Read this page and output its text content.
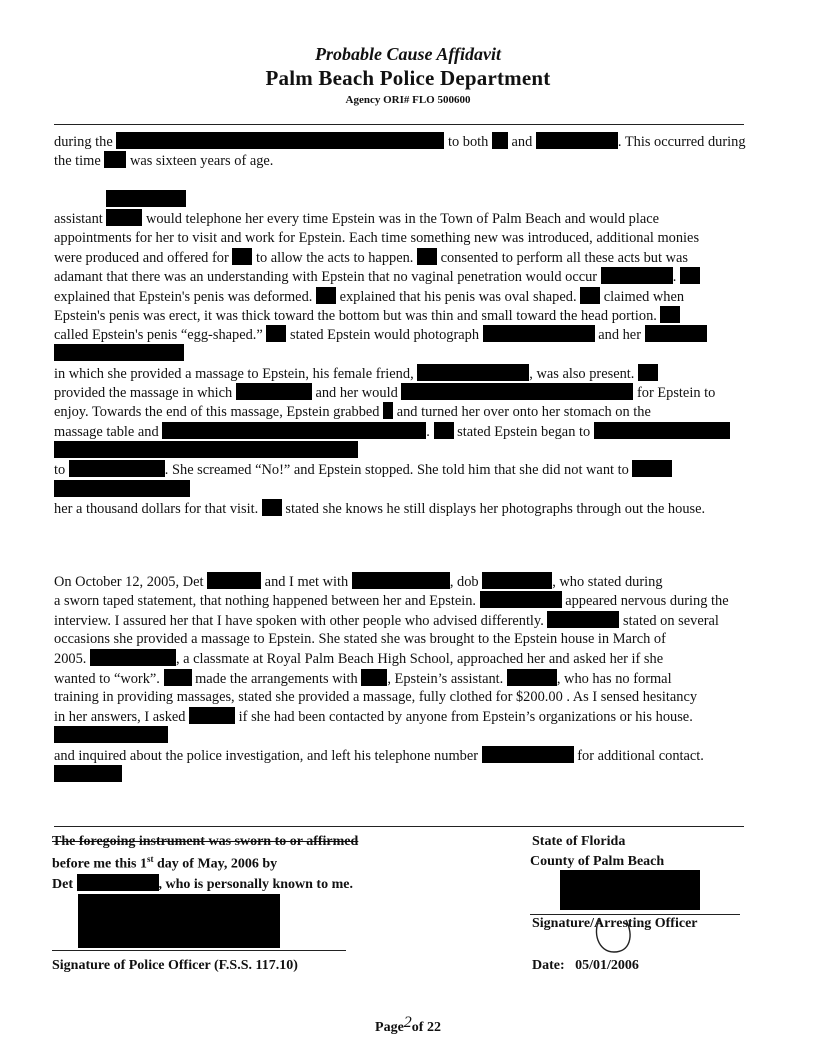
Probable Cause Affidavit
Palm Beach Police Department
Agency ORI# FLO 500600
during the	to both  and	. This occurred during
the time  was sixteen years of age.
assistant	would telephone her every time Epstein was in the Town of Palm Beach and would place
appointments for her to visit and work for Epstein. Each time something new was introduced, additional monies
were produced and offered for  to allow the acts to happen.  consented to perform all these acts but was
adamant that there was an understanding with Epstein that no vaginal penetration would occur	.
explained that Epstein's penis was deformed.  explained that his penis was oval shaped.  claimed when
Epstein's penis was erect, it was thick toward the bottom but was thin and small toward the head portion.
called Epstein's penis “egg-shaped.”  stated Epstein would photograph	and her
in which she provided a massage to Epstein, his female friend,	, was also present.
provided the massage in which	and her would	for Epstein to
enjoy. Towards the end of this massage, Epstein grabbed  and turned her over onto her stomach on the
massage table and	.  stated Epstein began to
to	. She screamed “No!” and Epstein stopped. She told him that she did not want to
her a thousand dollars for that visit.  stated she knows he still displays her photographs through out the house.
On October 12, 2005, Det	and I met with	, dob	, who stated during
a sworn taped statement, that nothing happened between her and Epstein.	appeared nervous during the
interview. I assured her that I have spoken with other people who advised differently.	stated on several
occasions she provided a massage to Epstein. She stated she was brought to the Epstein house in March of
2005.	, a classmate at Royal Palm Beach High School, approached her and asked her if she
wanted to “work”.  made the arrangements with , Epstein’s assistant.	, who has no formal
training in providing massages, stated she provided a massage, fully clothed for $200.00 . As I sensed hesitancy
in her answers, I asked	if she had been contacted by anyone from Epstein’s organizations or his house.
and inquired about the police investigation, and left his telephone number	for additional contact.
The foregoing instrument was sworn to or affirmed
before me this 1st day of May, 2006 by
Det	, who is personally known to me.
Signature of Police Officer (F.S.S. 117.10)
State of Florida
County of Palm Beach
Signature/Arresting Officer
Date: 05/01/2006
Page2of 22
